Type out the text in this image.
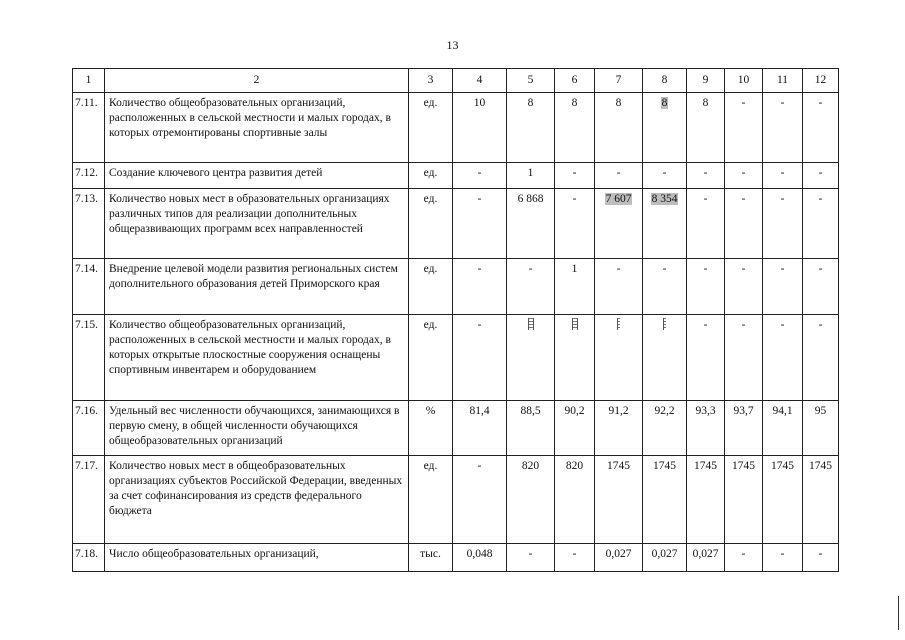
13
1	2	3	4	5	6	7	8	9	10	11	12
7.11.	Количество общеобразовательных организаций, расположенных в сельской местности и малых городах, в которых отремонтированы спортивные залы	ед.	10	8	8	8	8	8	-	-	-
7.12.	Создание ключевого центра развития детей	ед.	-	1	-	-	-	-	-	-	-
7.13.	Количество новых мест в образовательных организациях различных типов для реализации дополнительных общеразвивающих программ всех направленностей	ед.	-	6 868	-	7 607	8 354	-	-	-	-
7.14.	Внедрение целевой модели развития региональных систем дополнительного образования детей Приморского края	ед.	-	-	1	-	-	-	-	-	-
7.15.	Количество общеобразовательных организаций, расположенных в сельской местности и малых городах, в которых открытые плоскостные сооружения оснащены спортивным инвентарем и оборудованием	ед.	-					-	-	-	-
7.16.	Удельный вес численности обучающихся, занимающихся в первую смену, в общей численности обучающихся общеобразовательных организаций	%	81,4	88,5	90,2	91,2	92,2	93,3	93,7	94,1	95
7.17.	Количество новых мест в общеобразовательных организациях субъектов Российской Федерации, введенных за счет софинансирования из средств федерального бюджета	ед.	-	820	820	1745	1745	1745	1745	1745	1745
7.18.	Число общеобразовательных организаций,	тыс.	0,048	-	-	0,027	0,027	0,027	-	-	-
